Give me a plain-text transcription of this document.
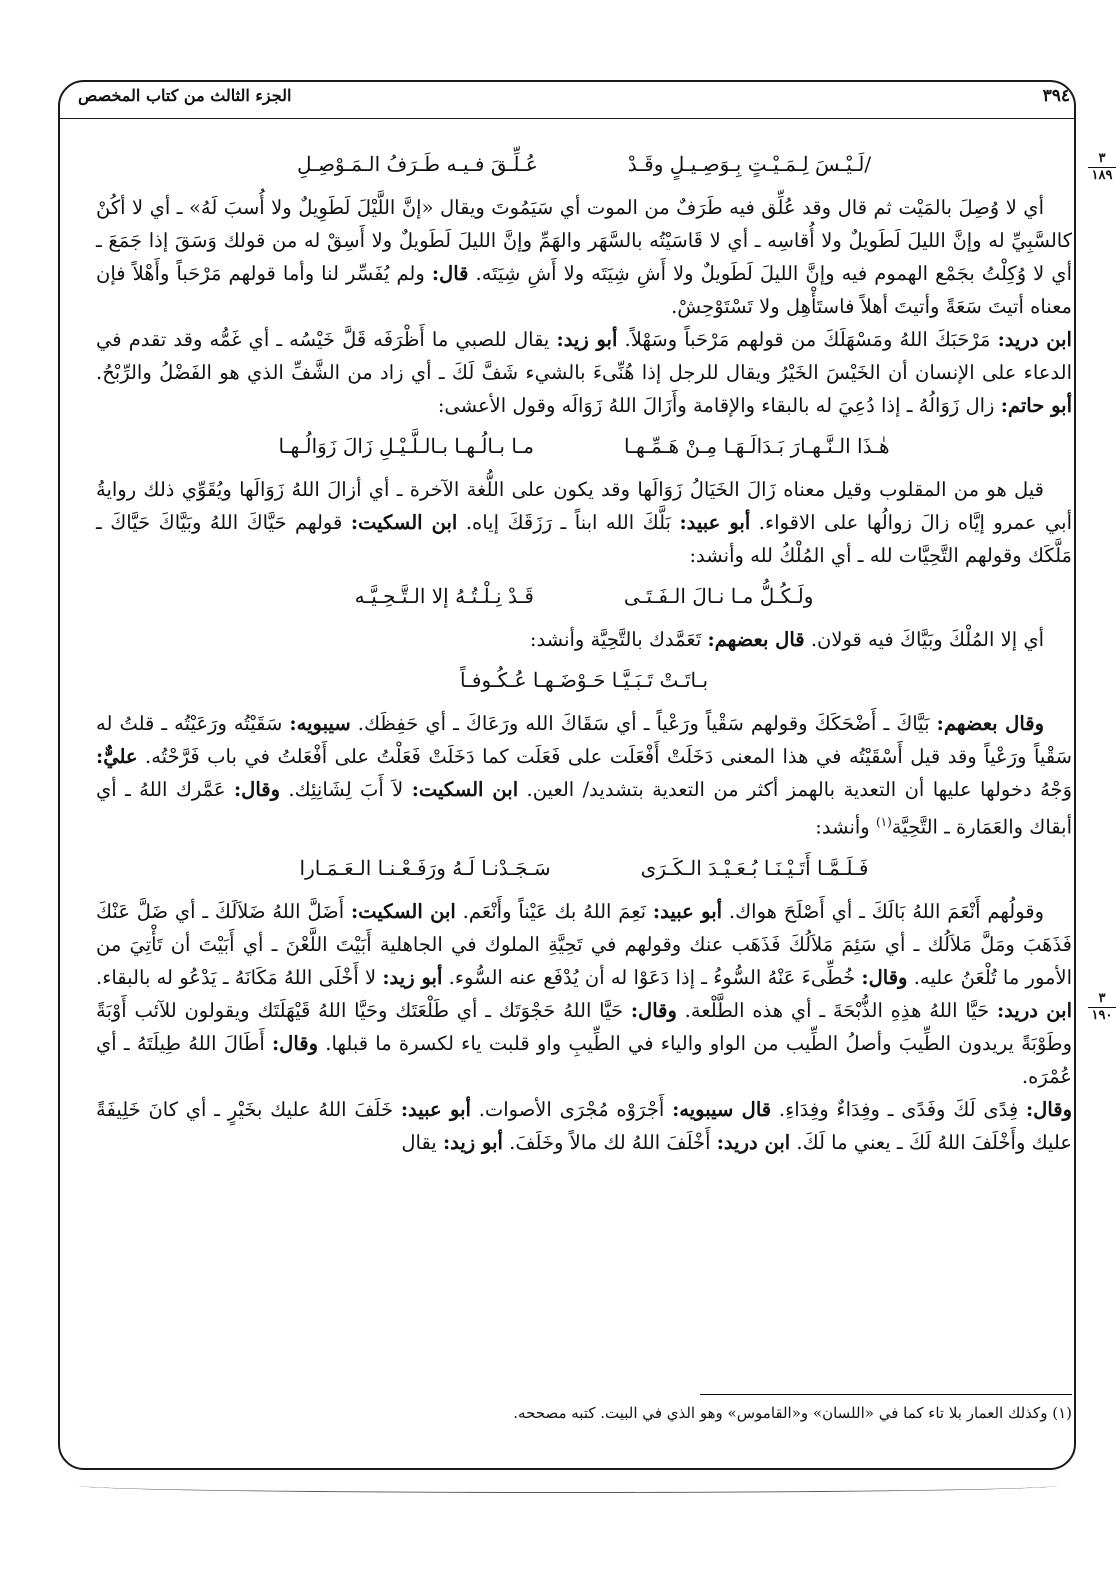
٣٩٤
الجزء الثالث من كتاب المخصص
٣
١٨٩
٣
١٩٠
/لَـيْـسَ لِـمَـيْـتٍ بِـوَصِـيـلٍ وقَـدْ
عُـلِّـقَ فـيـه طَـرَفُ الـمَـوْصِـلِ

أي لا وُصِلَ بالمَيْت ثم قال وقد عُلِّق فيه طَرَفٌ من الموت أي سَيَمُوتَ ويقال «إنَّ اللَّيْلَ لَطَوِيلٌ ولا أُسبَ لَهُ» ـ أي لا أكُنْ كالسَّبِيِّ له وإنَّ الليلَ لَطَويلٌ ولا أُقاسِه ـ أي لا قَاسَيْتُه بالسَّهَر والهَمِّ وإنَّ الليلَ لَطَويلٌ ولا أَسِقْ له من قولك وَسَقَ إذا جَمَعَ ـ أي لا وُكِلْتُ بجَمْع الهموم فيه وإنَّ الليلَ لَطَويلٌ ولا أَشِ شِيَتَه ولا أَشِ شِيَتَه. قال: ولم يُفَسِّر لنا وأما قولهم مَرْحَباً وأَهْلاً فإن معناه أتيتَ سَعَةً وأتيتَ أهلاً فاستَأْهِل ولا تَسْتَوْحِشْ.
ابن دريد: مَرْحَبَكَ اللهُ ومَسْهَلَكَ من قولهم مَرْحَباً وسَهْلاً. أبو زيد: يقال للصبي ما أَظْرَفَه قَلَّ خَيْسُه ـ أي غَمُّه وقد تقدم في الدعاء على الإنسان أن الخَيْسَ الخَيْرُ ويقال للرجل إذا هُنِّىءَ بالشيء شَفَّ لَكَ ـ أي زاد من الشَّفِّ الذي هو الفَضْلُ والرِّبْحُ. أبو حاتم: زال زَوَالُهُ ـ إذا دُعِيَ له بالبقاء والإقامة وأَزَالَ اللهُ زَوَالَه وقول الأعشى:

هٰـذَا الـنَّـهـارَ بَـدَالَـهَـا مِـنْ هَـمِّـهـا
مـا بـالُـهـا بـالـلَّـيْـلِ زَالَ زَوَالُـهـا

قيل هو من المقلوب وقيل معناه زَالَ الخَيَالُ زَوَالَها وقد يكون على اللُّغة الآخرة ـ أي أزالَ اللهُ زَوَالَها ويُقَوِّي ذلك روايةُ أبي عمرو إيَّاه زالَ زوالُها على الاقواء. أبو عبيد: بَلَّكَ الله ابناً ـ رَزَقَكَ إياه. ابن السكيت: قولهم حَيَّاكَ اللهُ وبَيَّاكَ حَيَّاكَ ـ مَلَّكَك وقولهم التَّحِيَّات لله ـ أي المُلْكُ لله وأنشد:

ولَـكُـلُّ مـا نـالَ الـفَـتَـى
قَـدْ نِـلْـتُـهُ إلا الـتَّـحِـيَّـه

أي إلا المُلْكَ وبَيَّاكَ فيه قولان. قال بعضهم: تَعَمَّدك بالتَّحِيَّة وأنشد:

بـاتَـتْ تَـبَـيَّـا حَـوْضَـهـا عُـكُـوفـاً

وقال بعضهم: بَيَّاكَ ـ أَضْحَكَكَ وقولهم سَقْياً ورَعْياً ـ أي سَقَاكَ الله ورَعَاكَ ـ أي حَفِظَك. سيبويه: سَقَيْتُه ورَعَيْتُه ـ قلتُ له سَقْياً ورَعْياً وقد قيل أَسْقَيْتُه في هذا المعنى دَخَلَتْ أَفْعَلَت على فَعَلَت كما دَخَلَتْ فَعَلْتُ على أَفْعَلتُ في باب فَرَّحْتُه. عليٌّ: وَجْهُ دخولها عليها أن التعدية بالهمز أكثر من التعدية بتشديد/ العين. ابن السكيت: لاَ أَبَ لِشَانِئِك. وقال: عَمَّرك اللهُ ـ أي أبقاك والعَمَارة ـ التَّحِيَّة$^{(١)}$ وأنشد:

فَـلَـمَّـا أَتَـيْـنَـا بُـعَـيْـدَ الـكَـرَى
سَـجَـدْنـا لَـهُ ورَفَـعْـنـا الـعَـمَـارا

وقولُهم أَنْعَمَ اللهُ بَالَكَ ـ أي أَصْلَحَ هواك. أبو عبيد: نَعِمَ اللهُ بك عَيْناً وأَنْعَم. ابن السكيت: أَضَلَّ اللهُ ضَلاَلَكَ ـ أي ضَلَّ عَنْكَ فَذَهَبَ ومَلَّ مَلاَلُك ـ أي سَئِمَ مَلاَلُكَ فَذَهَب عنك وقولهم في تَحِيَّةِ الملوك في الجاهلية أَبَيْتَ اللَّعْنَ ـ أي أَبَيْتَ أن تَأْتِيَ من الأمور ما تُلْعَنُ عليه. وقال: خُطِّىءَ عَنْهُ السُّوءُ ـ إذا دَعَوْا له أن يُدْفَع عنه السُّوء. أبو زيد: لا أَخْلَى اللهُ مَكَانَهُ ـ يَدْعُو له بالبقاء. ابن دريد: حَيَّا اللهُ هذِهِ الذُّبْحَةَ ـ أي هذه الطَّلْعة. وقال: حَيَّا اللهُ حَجْوَتَك ـ أي طَلْعَتَك وحَيَّا اللهُ قَيْهَلَتَك ويقولون للآئب أَوْبَةً وطَوْبَةً يريدون الطِّيبَ وأصلُ الطِّيب من الواو والياء في الطِّيبِ واو قلبت ياء لكسرة ما قبلها. وقال: أَطَالَ اللهُ طِيلَتَهُ ـ أي عُمْرَه.
وقال: فِدًى لَكَ وفَدًى ـ وفِدَاءٌ وفِدَاءِ. قال سيبويه: أَجْرَوْه مُجْرَى الأصوات. أبو عبيد: خَلَفَ اللهُ عليك بخَيْرٍ ـ أي كانَ خَلِيفَةً عليك وأَخْلَفَ اللهُ لَكَ ـ يعني ما لَكَ. ابن دريد: أَخْلَفَ اللهُ لك مالاً وخَلَفَ. أبو زيد: يقال

(١) وكذلك العمار بلا تاء كما في «اللسان» و«القاموس» وهو الذي في البيت. كتبه مصححه.
